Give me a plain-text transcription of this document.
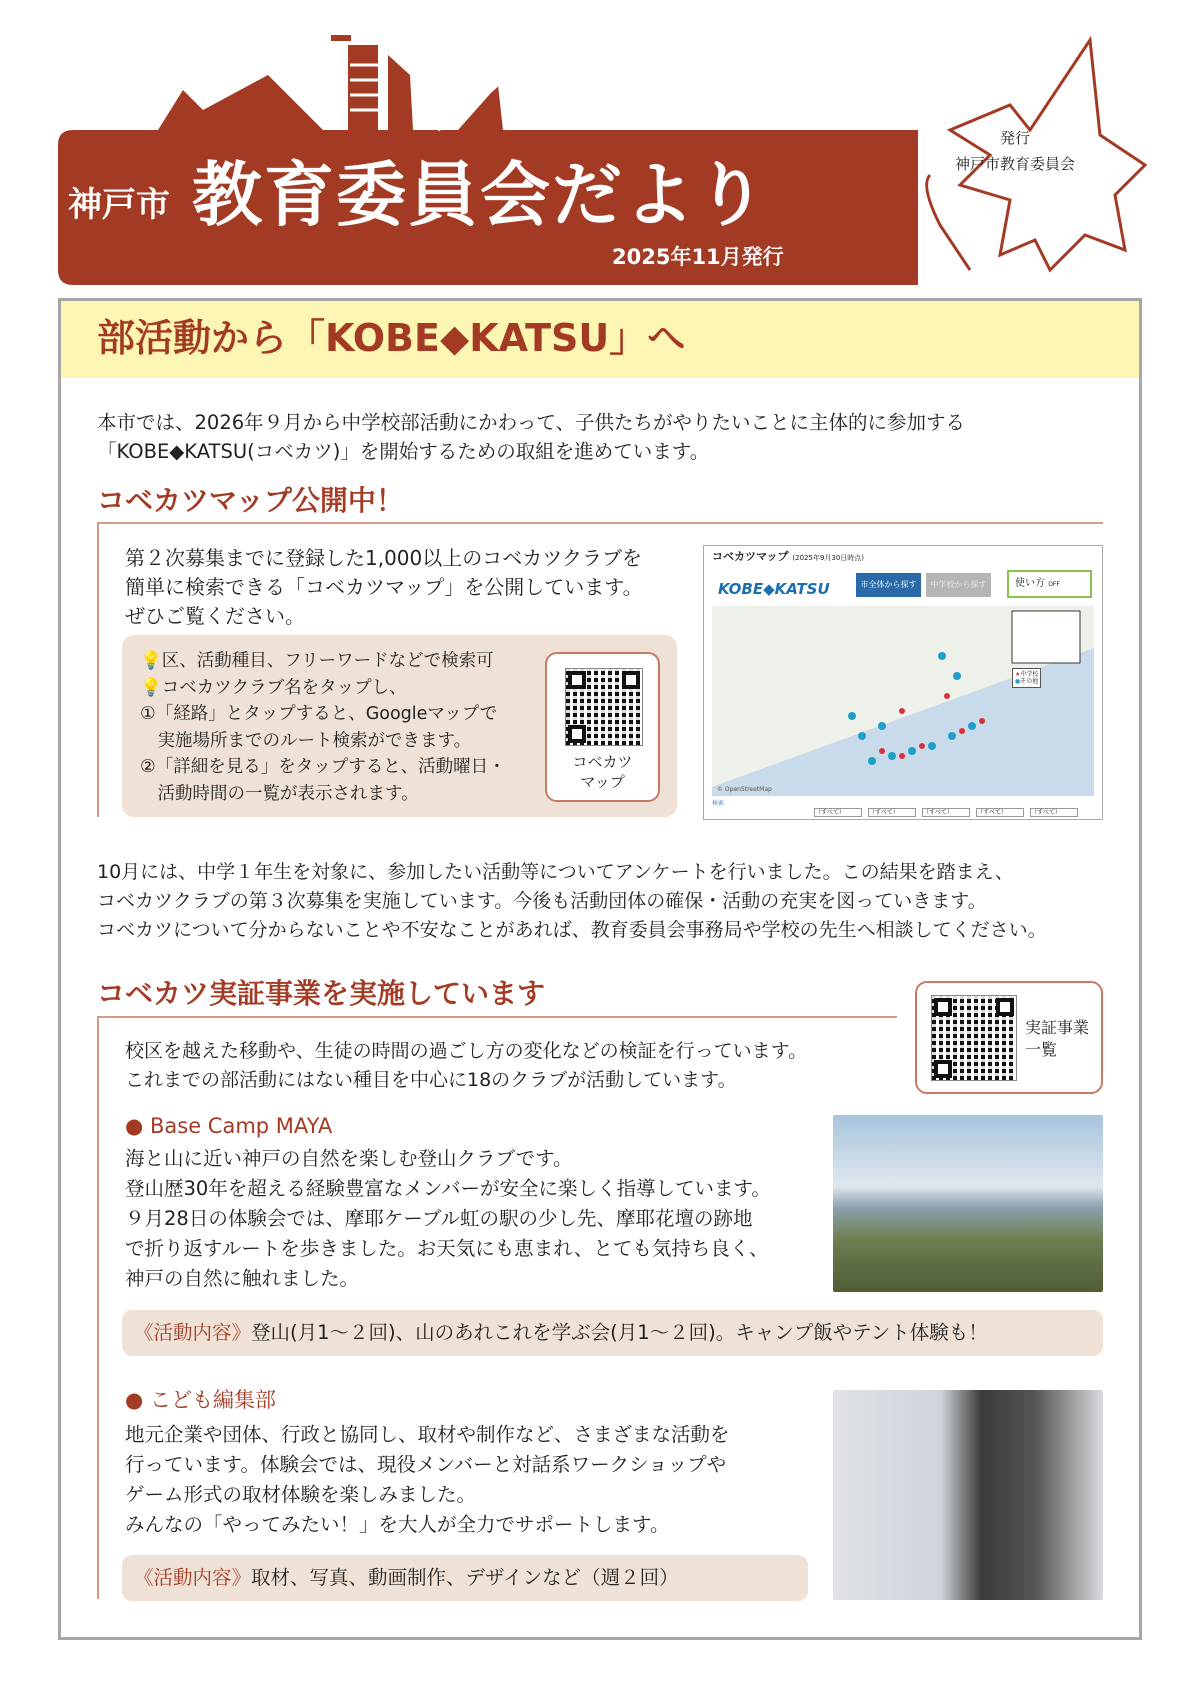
神戸市 教育委員会だより
2025年11月発行
発行
神戸市教育委員会
部活動から「KOBE◆KATSU」へ
本市では、2026年９月から中学校部活動にかわって、子供たちがやりたいことに主体的に参加する
「KOBE◆KATSU(コベカツ)」を開始するための取組を進めています。
コベカツマップ公開中！
第２次募集までに登録した1,000以上のコベカツクラブを
簡単に検索できる「コベカツマップ」を公開しています。
ぜひご覧ください。
💡区、活動種目、フリーワードなどで検索可
💡コベカツクラブ名をタップし、
①「経路」とタップすると、Googleマップで
　実施場所までのルート検索ができます。
②「詳細を見る」をタップすると、活動曜日・
　活動時間の一覧が表示されます。
コベカツ
マップ
コベカツマップ (2025年9月30日時点)
KOBE◆KATSU	市全体から探す	中学校から探す	使い方 OFF
© OpenStreetMap
★中学校
●その他
検索
（すべて）	（すべて）	（すべて）	（すべて）	（すべて）
10月には、中学１年生を対象に、参加したい活動等についてアンケートを行いました。この結果を踏まえ、
コベカツクラブの第３次募集を実施しています。今後も活動団体の確保・活動の充実を図っていきます。
コベカツについて分からないことや不安なことがあれば、教育委員会事務局や学校の先生へ相談してください。
コベカツ実証事業を実施しています
実証事業
一覧
校区を越えた移動や、生徒の時間の過ごし方の変化などの検証を行っています。
これまでの部活動にはない種目を中心に18のクラブが活動しています。
● Base Camp MAYA
海と山に近い神戸の自然を楽しむ登山クラブです。
登山歴30年を超える経験豊富なメンバーが安全に楽しく指導しています。
９月28日の体験会では、摩耶ケーブル虹の駅の少し先、摩耶花壇の跡地
で折り返すルートを歩きました。お天気にも恵まれ、とても気持ち良く、
神戸の自然に触れました。
《活動内容》登山(月1～２回)、山のあれこれを学ぶ会(月1～２回)。キャンプ飯やテント体験も！
● こども編集部
地元企業や団体、行政と協同し、取材や制作など、さまざまな活動を
行っています。体験会では、現役メンバーと対話系ワークショップや
ゲーム形式の取材体験を楽しみました。
みんなの「やってみたい！」を大人が全力でサポートします。
《活動内容》取材、写真、動画制作、デザインなど（週２回）
